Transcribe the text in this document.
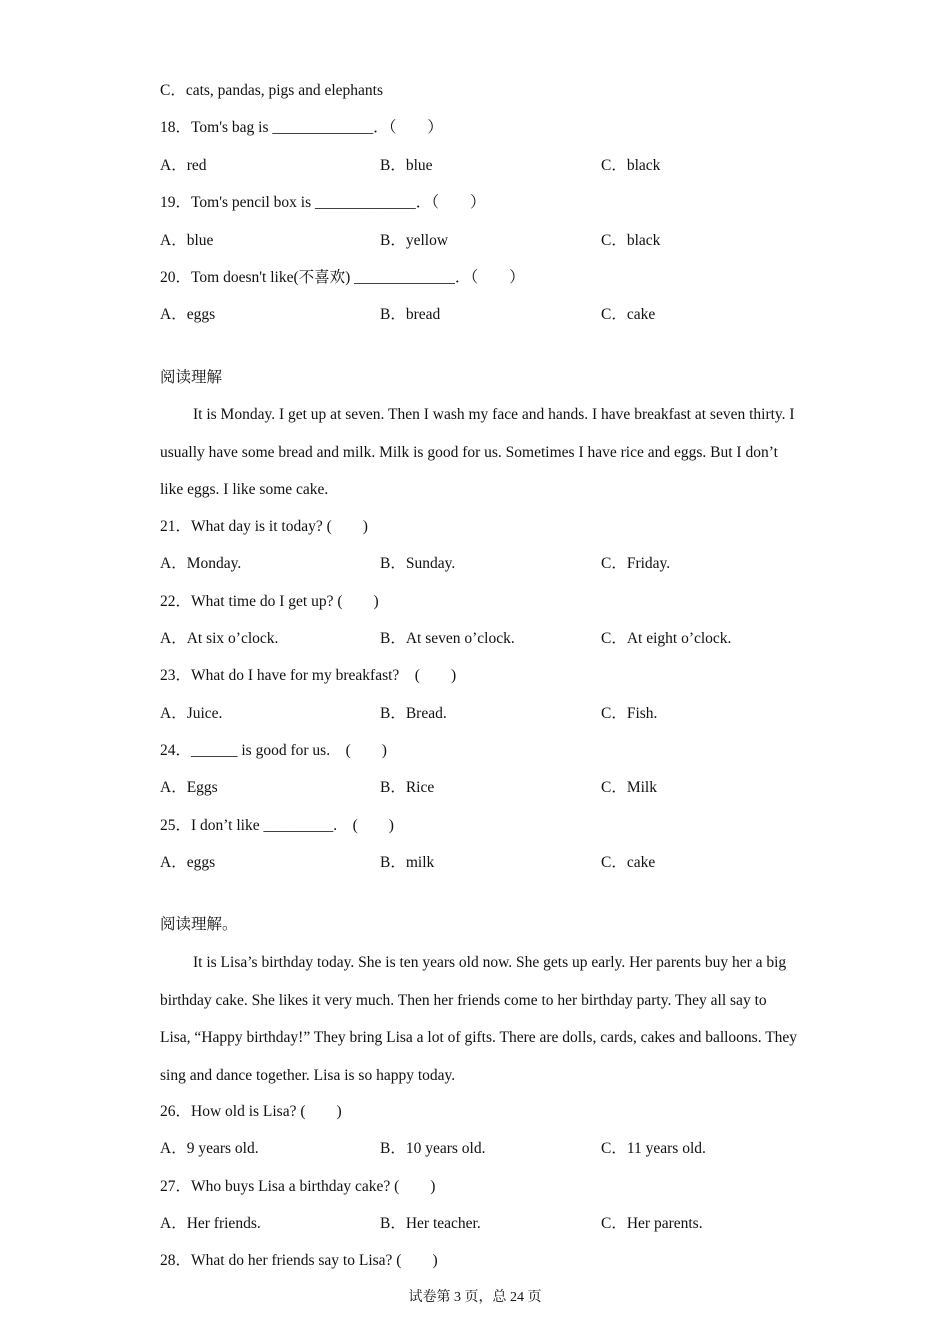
C．cats, pandas, pigs and elephants
18．Tom's bag is _____________．（　　）
A．red	B．blue	C．black
19．Tom's pencil box is _____________．（　　）
A．blue	B．yellow	C．black
20．Tom doesn't like(不喜欢) _____________．（　　）
A．eggs	B．bread	C．cake
阅读理解
It is Monday. I get up at seven. Then I wash my face and hands. I have breakfast at seven thirty. I usually have some bread and milk. Milk is good for us. Sometimes I have rice and eggs. But I don’t like eggs. I like some cake.
21．What day is it today? (　　)
A．Monday.	B．Sunday.	C．Friday.
22．What time do I get up? (　　)
A．At six o’clock.	B．At seven o’clock.	C．At eight o’clock.
23．What do I have for my breakfast?　(　　)
A．Juice.	B．Bread.	C．Fish.
24．______ is good for us.　(　　)
A．Eggs	B．Rice	C．Milk
25．I don’t like _________.　(　　)
A．eggs	B．milk	C．cake
阅读理解。
It is Lisa’s birthday today. She is ten years old now. She gets up early. Her parents buy her a big birthday cake. She likes it very much. Then her friends come to her birthday party. They all say to Lisa, “Happy birthday!” They bring Lisa a lot of gifts. There are dolls, cards, cakes and balloons. They sing and dance together. Lisa is so happy today.
26．How old is Lisa? (　　)
A．9 years old.	B．10 years old.	C．11 years old.
27．Who buys Lisa a birthday cake? (　　)
A．Her friends.	B．Her teacher.	C．Her parents.
28．What do her friends say to Lisa? (　　)
试卷第 3 页，总 24 页
